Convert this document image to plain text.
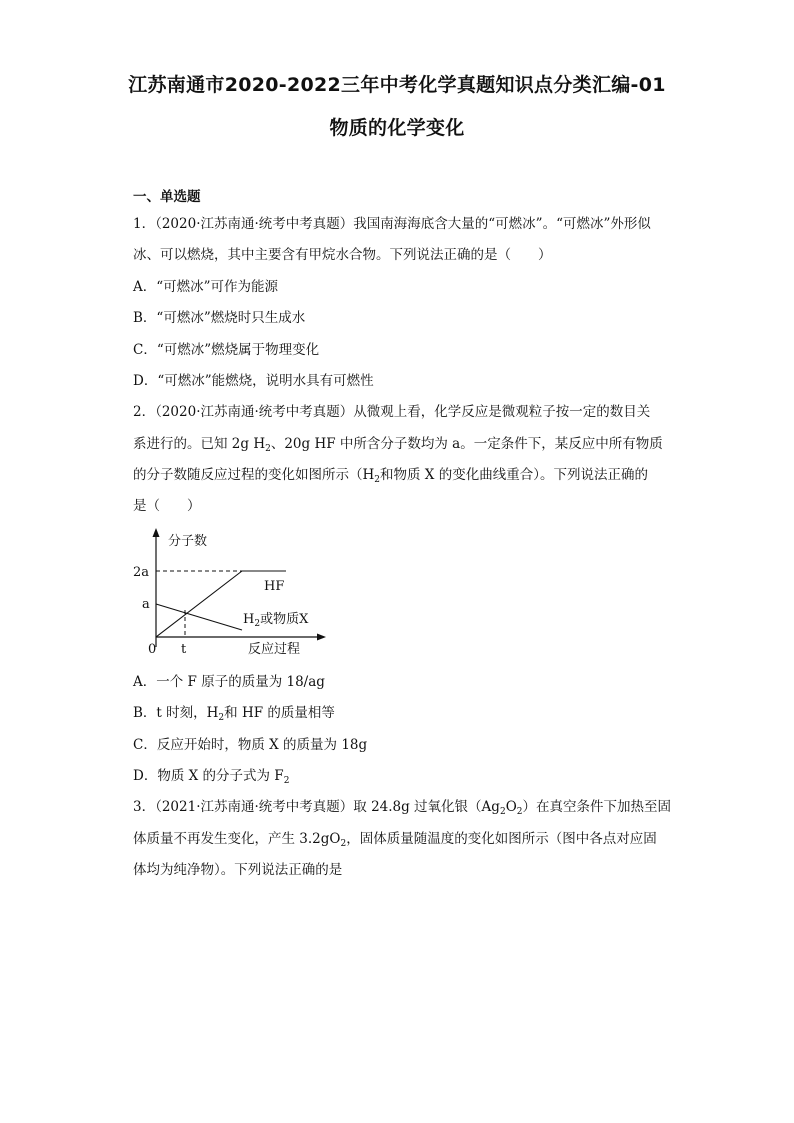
江苏南通市2020-2022三年中考化学真题知识点分类汇编-01
物质的化学变化
一、单选题
1．（2020·江苏南通·统考中考真题）我国南海海底含大量的“可燃冰”。“可燃冰”外形似
冰、可以燃烧，其中主要含有甲烷水合物。下列说法正确的是（　　）
A．“可燃冰”可作为能源
B．“可燃冰”燃烧时只生成水
C．“可燃冰”燃烧属于物理变化
D．“可燃冰”能燃烧，说明水具有可燃性
2．（2020·江苏南通·统考中考真题）从微观上看，化学反应是微观粒子按一定的数目关
系进行的。已知 2g $H_2$、20g HF 中所含分子数均为 a。一定条件下，某反应中所有物质
的分子数随反应过程的变化如图所示（$H_2$和物质 X 的变化曲线重合）。下列说法正确的
是（　　）
分子数
2a
a
HF
$H_2$或物质X
0 t	反应过程
A．一个 F 原子的质量为 18/ag
B．t 时刻，$H_2$和 HF 的质量相等
C．反应开始时，物质 X 的质量为 18g
D．物质 X 的分子式为 $F_2$
3．（2021·江苏南通·统考中考真题）取 24.8g 过氧化银$(Ag_2O_2)$在真空条件下加热至固
体质量不再发生变化，产生 $3.2gO_2$，固体质量随温度的变化如图所示（图中各点对应固
体均为纯净物）。下列说法正确的是
